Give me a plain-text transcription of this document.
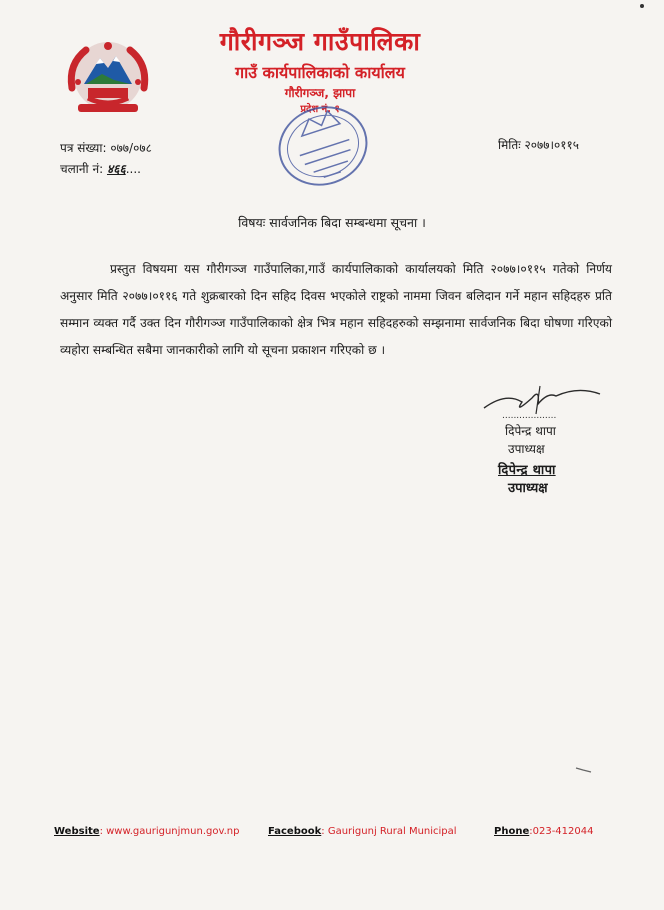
गौरीगञ्ज गाउँपालिका
गाउँ कार्यपालिकाको कार्यालय
गौरीगञ्ज, झापा
प्रदेश नं. १
पत्र संख्या: ०७७/०७८
चलानी नं: ४६६....
मितिः २०७७।०११५
विषयः सार्वजनिक बिदा सम्बन्धमा सूचना ।
प्रस्तुत विषयमा यस गौरीगञ्ज गाउँपालिका,गाउँ कार्यपालिकाको कार्यालयको मिति २०७७।०११५ गतेको निर्णय अनुसार मिति २०७७।०११६ गते शुक्रबारको दिन सहिद दिवस भएकोले राष्ट्रको नाममा जिवन बलिदान गर्ने महान सहिदहरु प्रति सम्मान व्यक्त गर्दै उक्त दिन गौरीगञ्ज गाउँपालिकाको क्षेत्र भित्र महान सहिदहरुको सम्झनामा सार्वजनिक बिदा घोषणा गरिएको व्यहोरा सम्बन्धित सबैमा जानकारीको लागि यो सूचना प्रकाशन गरिएको छ ।
...................
दिपेन्द्र थापा
उपाध्यक्ष
दिपेन्द्र थापा
उपाध्यक्ष
Website: www.gaurigunjmun.gov.np	Facebook: Gaurigunj Rural Municipal	Phone:023-412044
